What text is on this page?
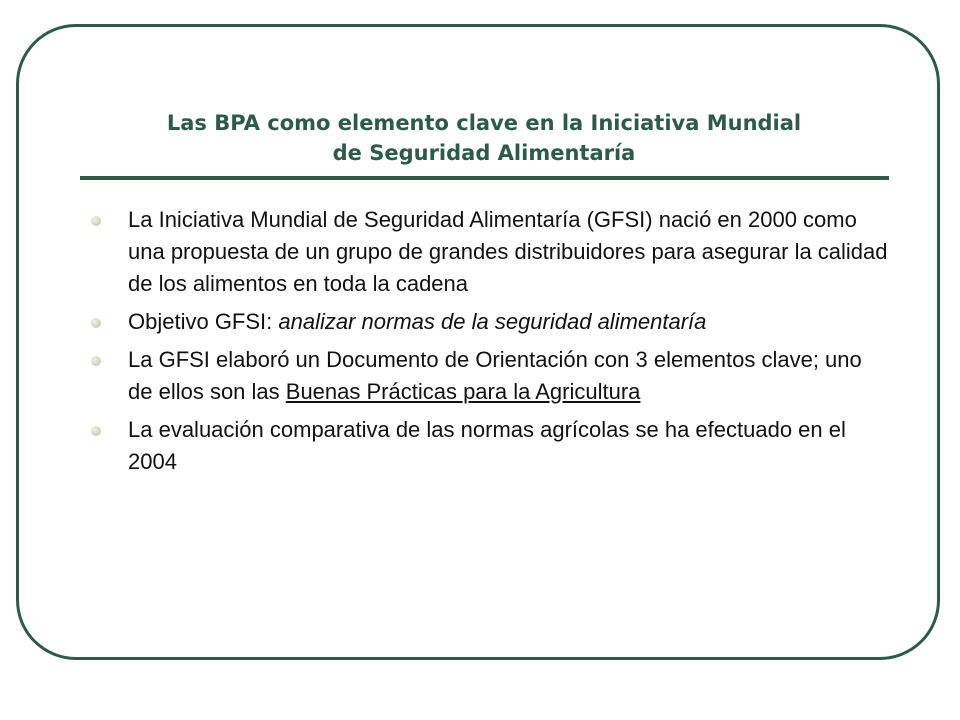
Las BPA como elemento clave en la Iniciativa Mundial
de Seguridad Alimentaría
La Iniciativa Mundial de Seguridad Alimentaría (GFSI) nació en 2000 como una propuesta de un grupo de grandes distribuidores para asegurar la calidad de los alimentos en toda la cadena
Objetivo GFSI: analizar normas de la seguridad alimentaría
La GFSI elaboró un Documento de Orientación con 3 elementos clave; uno de ellos son las Buenas Prácticas para la Agricultura
La evaluación comparativa de las normas agrícolas se ha efectuado en el 2004
